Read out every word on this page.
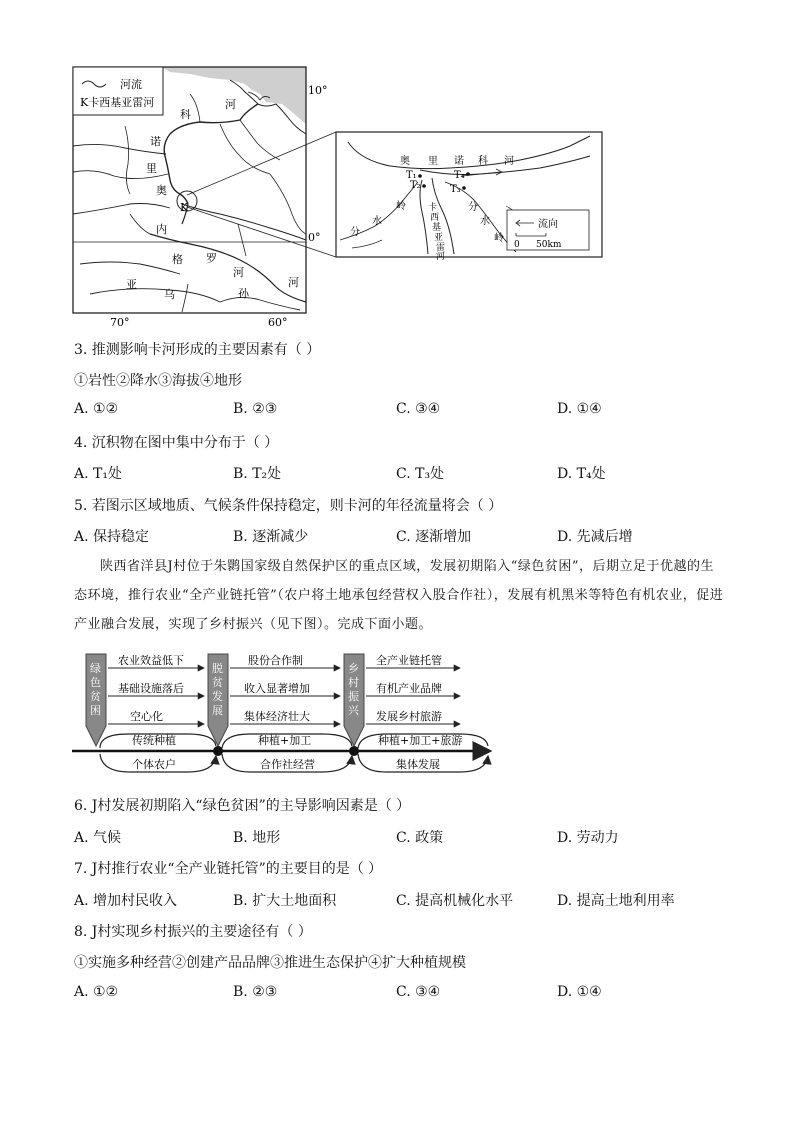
河流
K卡西基亚雷河
科
河
诺
里
奥
K
内
格 罗
河
亚
乌	孙
河
10°
0°
70°	60°
奥 里 诺 科 河
T₁
T₂	T₃
T₄
分
水
岭	分
水
岭
卡
西
基
亚
雷
河
流向
0 50km
3. 推测影响卡河形成的主要因素有（ ）
①岩性②降水③海拔④地形
A. ①②	B. ②③	C. ③④	D. ①④
4. 沉积物在图中集中分布于（ ）
A. T₁处	B. T₂处	C. T₃处	D. T₄处
5. 若图示区域地质、气候条件保持稳定，则卡河的年径流量将会（ ）
A. 保持稳定	B. 逐渐减少	C. 逐渐增加	D. 先减后增
陕西省洋县J村位于朱鹮国家级自然保护区的重点区域，发展初期陷入“绿色贫困”，后期立足于优越的生态环境，推行农业“全产业链托管”（农户将土地承包经营权入股合作社），发展有机黑米等特色有机农业，促进产业融合发展，实现了乡村振兴（见下图）。完成下面小题。
绿
色
贫
困
脱
贫
发
展
乡
村
振
兴
农业效益低下
基础设施落后
空心化
股份合作制
收入显著增加
集体经济壮大
全产业链托管
有机产业品牌
发展乡村旅游
传统种植	种植+加工	种植+加工+旅游
个体农户	合作社经营	集体发展
6. J村发展初期陷入“绿色贫困”的主导影响因素是（ ）
A. 气候	B. 地形	C. 政策	D. 劳动力
7. J村推行农业“全产业链托管”的主要目的是（ ）
A. 增加村民收入	B. 扩大土地面积	C. 提高机械化水平	D. 提高土地利用率
8. J村实现乡村振兴的主要途径有（ ）
①实施多种经营②创建产品品牌③推进生态保护④扩大种植规模
A. ①②	B. ②③	C. ③④	D. ①④
